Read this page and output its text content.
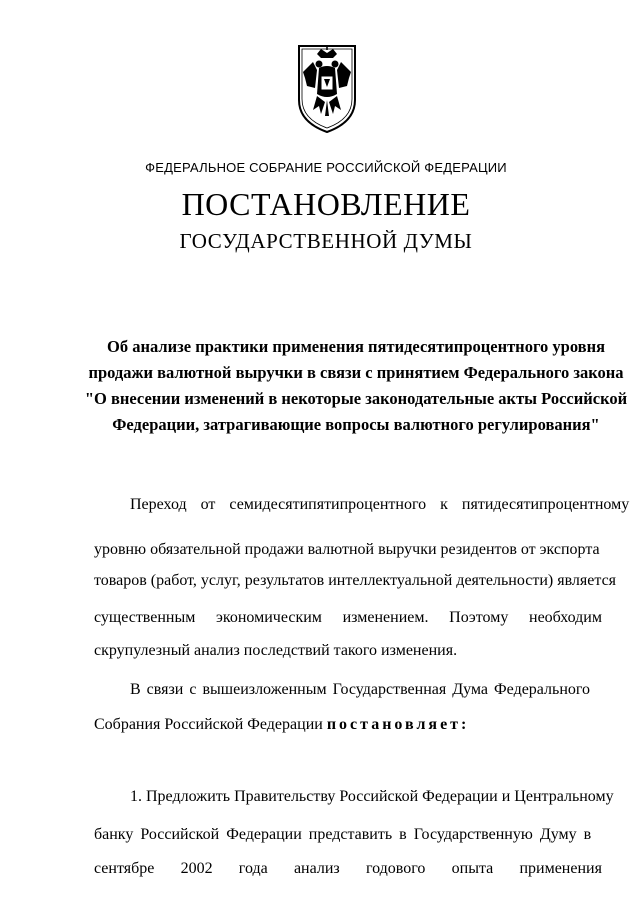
ФЕДЕРАЛЬНОЕ СОБРАНИЕ РОССИЙСКОЙ ФЕДЕРАЦИИ
ПОСТАНОВЛЕНИЕ
ГОСУДАРСТВЕННОЙ ДУМЫ

Об анализе практики применения пятидесятипроцентного уровня
продажи валютной выручки в связи с принятием Федерального закона
"О внесении изменений в некоторые законодательные акты Российской
Федерации, затрагивающие вопросы валютного регулирования"

Переход от семидесятипятипроцентного к пятидесятипроцентному
уровню обязательной продажи валютной выручки резидентов от экспорта
товаров (работ, услуг, результатов интеллектуальной деятельности) является
существенным экономическим изменением. Поэтому необходим
скрупулезный анализ последствий такого изменения.
В связи с вышеизложенным Государственная Дума Федерального
Собрания Российской Федерации постановляет:
1. Предложить Правительству Российской Федерации и Центральному
банку Российской Федерации представить в Государственную Думу в
сентябре 2002 года анализ годового опыта применения
